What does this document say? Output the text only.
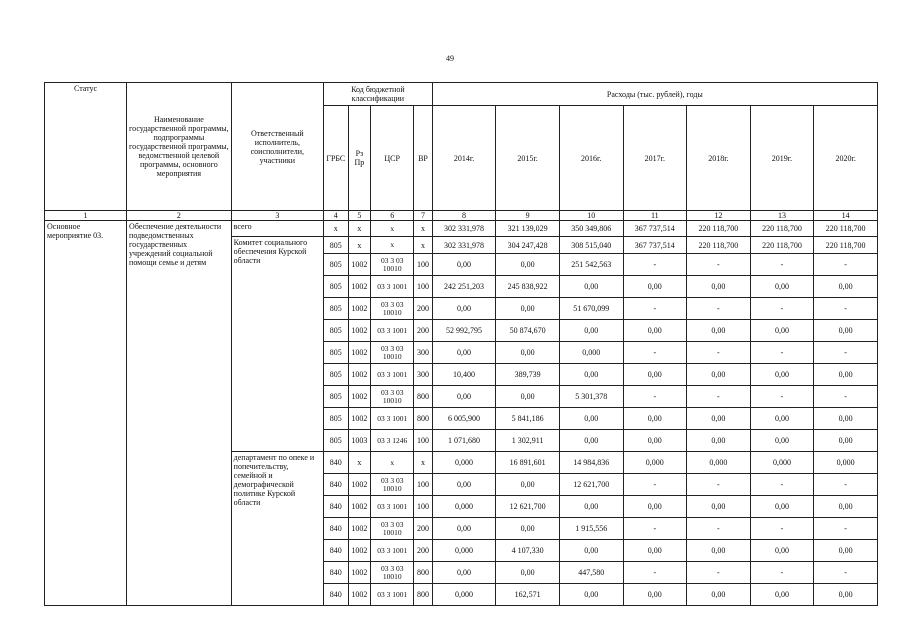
49
Статус	Наименование государственной программы, подпрограммы государственной программы, ведомственной целевой программы, основного мероприятия	Ответственный исполнитель, соисполнители, участники	Код бюджетной классификации				Расходы (тыс. рублей), годы						
			ГРБС	Рз Пр	ЦСР	ВР	2014г.	2015г.	2016г.	2017г.	2018г.	2019г.	2020г.
1	2	3	4	5	6	7	8	9	10	11	12	13	14
Основное мероприятие 03.	Обеспечение деятельности подведомственных государственных учреждений социальной помощи семье и детям	всего	x	x	x	x	302 331,978	321 139,029	350 349,806	367 737,514	220 118,700	220 118,700	220 118,700
		Комитет социального обеспечения Курской области	805	x	x	x	302 331,978	304 247,428	308 515,040	367 737,514	220 118,700	220 118,700	220 118,700
			805	1002	03 3 03 10010	100	0,00	0,00	251 542,563	-	-	-	-
			805	1002	03 3 1001	100	242 251,203	245 838,922	0,00	0,00	0,00	0,00	0,00
			805	1002	03 3 03 10010	200	0,00	0,00	51 670,099	-	-	-	-
			805	1002	03 3 1001	200	52 992,795	50 874,670	0,00	0,00	0,00	0,00	0,00
			805	1002	03 3 03 10010	300	0,00	0,00	0,000	-	-	-	-
			805	1002	03 3 1001	300	10,400	389,739	0,00	0,00	0,00	0,00	0,00
			805	1002	03 3 03 10010	800	0,00	0,00	5 301,378	-	-	-	-
			805	1002	03 3 1001	800	6 005,900	5 841,186	0,00	0,00	0,00	0,00	0,00
			805	1003	03 3 1246	100	1 071,680	1 302,911	0,00	0,00	0,00	0,00	0,00
		департамент по опеке и попечительству, семейной и демографической политике Курской области	840	x	x	x	0,000	16 891,601	14 984,836	0,000	0,000	0,000	0,000
			840	1002	03 3 03 10010	100	0,00	0,00	12 621,700	-	-	-	-
			840	1002	03 3 1001	100	0,000	12 621,700	0,00	0,00	0,00	0,00	0,00
			840	1002	03 3 03 10010	200	0,00	0,00	1 915,556	-	-	-	-
			840	1002	03 3 1001	200	0,000	4 107,330	0,00	0,00	0,00	0,00	0,00
			840	1002	03 3 03 10010	800	0,00	0,00	447,580	-	-	-	-
			840	1002	03 3 1001	800	0,000	162,571	0,00	0,00	0,00	0,00	0,00
